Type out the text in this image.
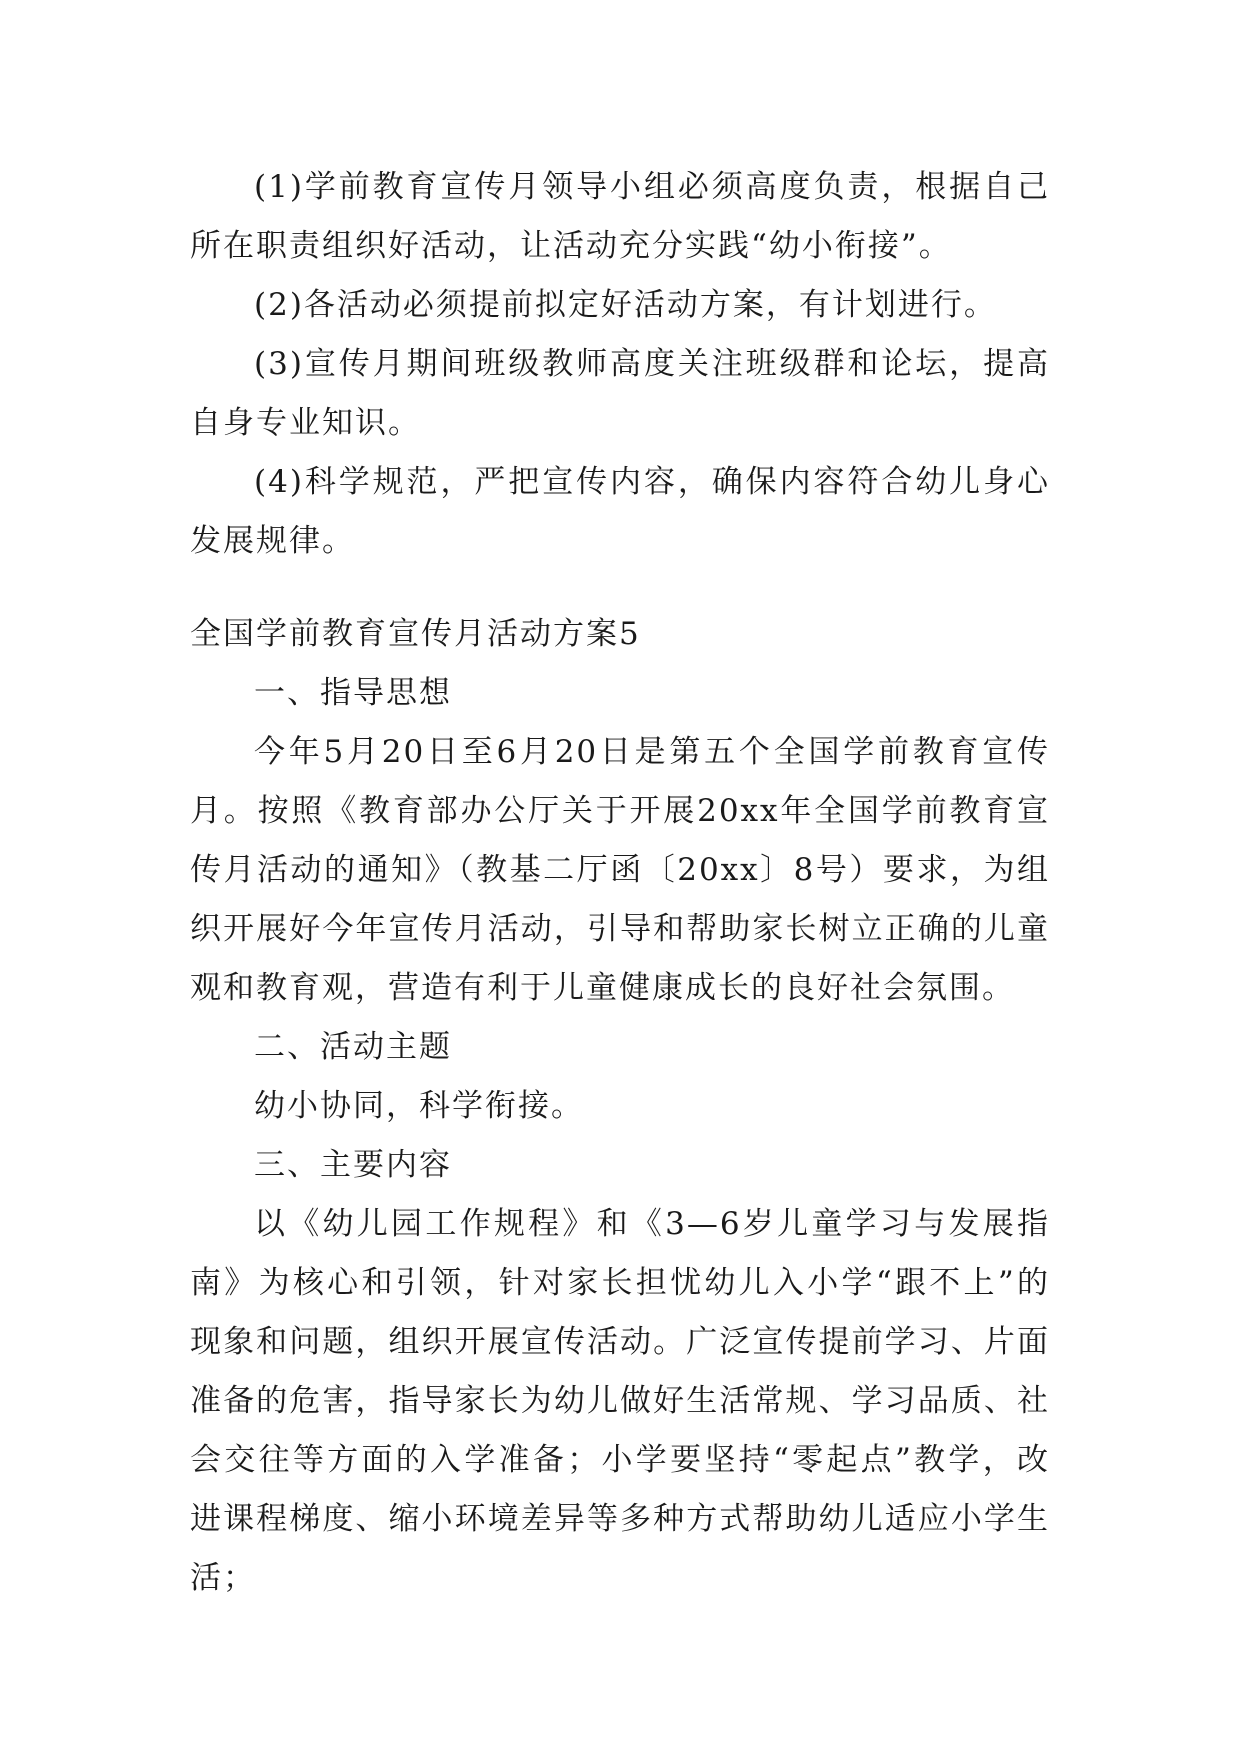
(1)学前教育宣传月领导小组必须高度负责，根据自己所在职责组织好活动，让活动充分实践“幼小衔接”。

(2)各活动必须提前拟定好活动方案，有计划进行。

(3)宣传月期间班级教师高度关注班级群和论坛，提高自身专业知识。

(4)科学规范，严把宣传内容，确保内容符合幼儿身心发展规律。

全国学前教育宣传月活动方案5

一、指导思想

今年5月20日至6月20日是第五个全国学前教育宣传月。按照《教育部办公厅关于开展20xx年全国学前教育宣传月活动的通知》（教基二厅函〔20xx〕8号）要求，为组织开展好今年宣传月活动，引导和帮助家长树立正确的儿童观和教育观，营造有利于儿童健康成长的良好社会氛围。

二、活动主题

幼小协同，科学衔接。

三、主要内容

以《幼儿园工作规程》和《3—6岁儿童学习与发展指南》为核心和引领，针对家长担忧幼儿入小学“跟不上”的现象和问题，组织开展宣传活动。广泛宣传提前学习、片面准备的危害，指导家长为幼儿做好生活常规、学习品质、社会交往等方面的入学准备；小学要坚持“零起点”教学，改进课程梯度、缩小环境差异等多种方式帮助幼儿适应小学生活；
